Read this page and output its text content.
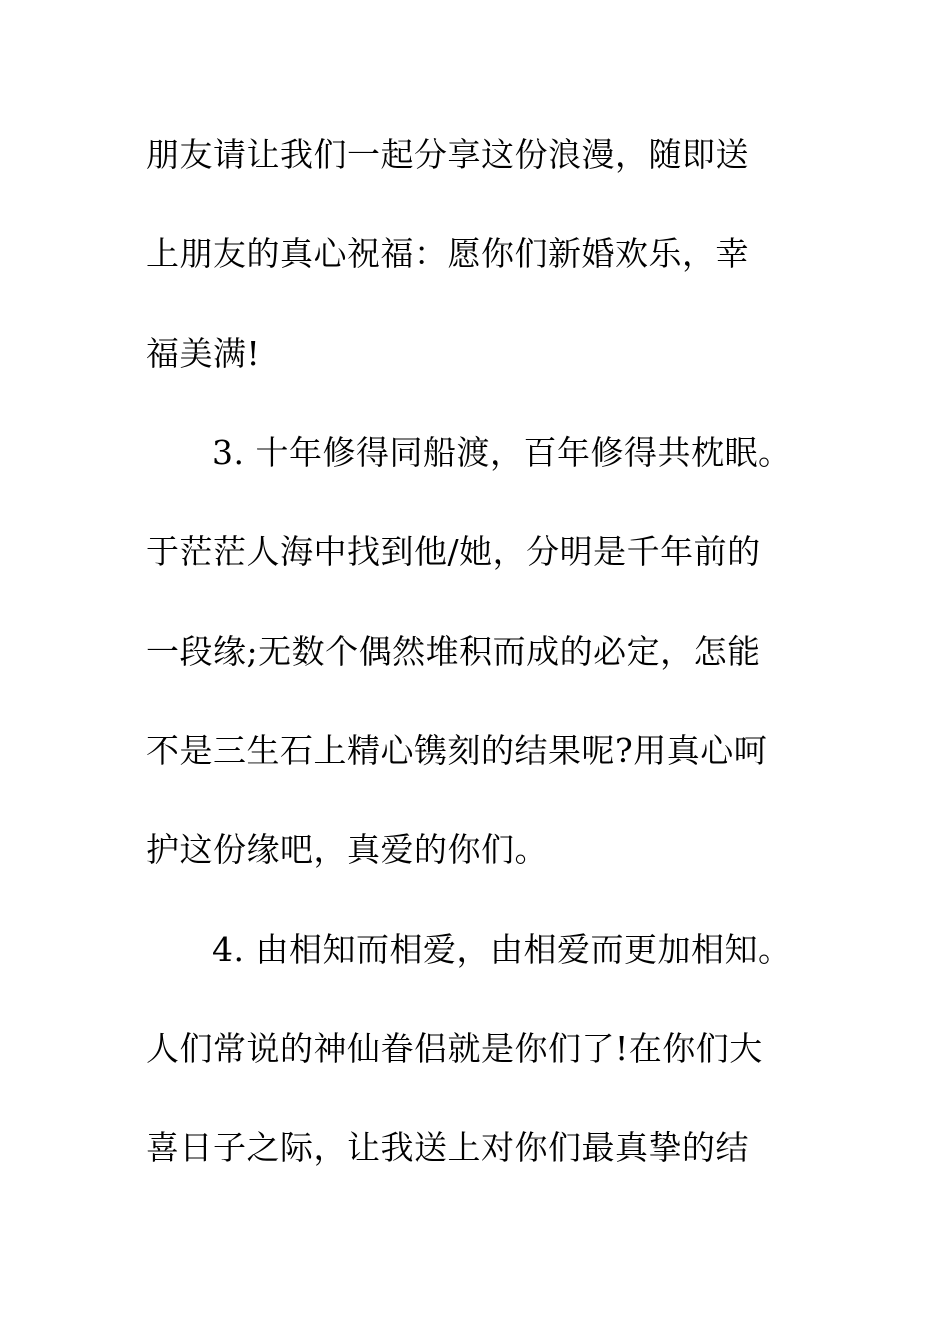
朋友请让我们一起分享这份浪漫，随即送

上朋友的真心祝福：愿你们新婚欢乐，幸

福美满!

3. 十年修得同船渡，百年修得共枕眠。

于茫茫人海中找到他/她，分明是千年前的

一段缘;无数个偶然堆积而成的必定，怎能

不是三生石上精心镌刻的结果呢?用真心呵

护这份缘吧，真爱的你们。

4. 由相知而相爱，由相爱而更加相知。

人们常说的神仙眷侣就是你们了!在你们大

喜日子之际，让我送上对你们最真挚的结
